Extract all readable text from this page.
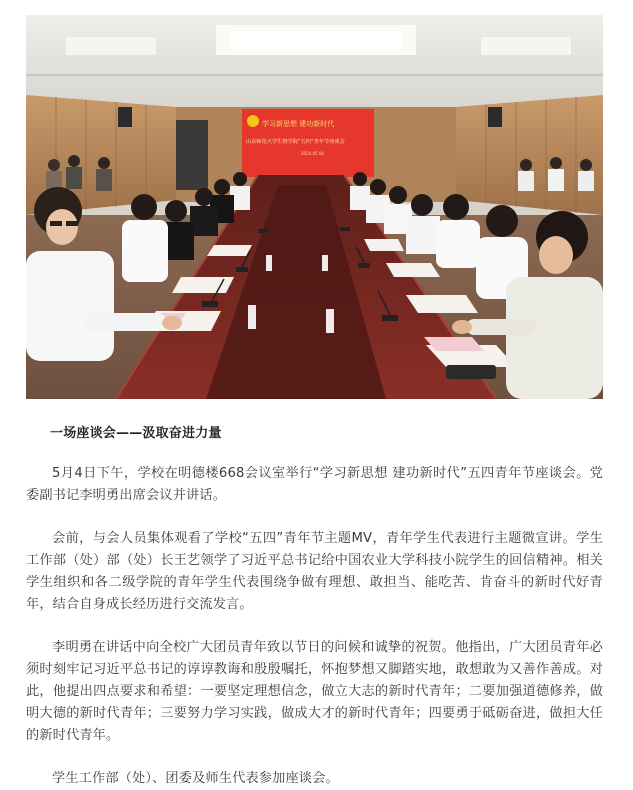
学习新思想 建功新时代
山东师范大学生物学院“五四”青年节座谈会
2024.05.04

一场座谈会——汲取奋进力量

5月4日下午，学校在明德楼668会议室举行“学习新思想 建功新时代”五四青年节座谈会。党委副书记李明勇出席会议并讲话。

会前，与会人员集体观看了学校“五四”青年节主题MV，青年学生代表进行主题微宣讲。学生工作部（处）部（处）长王艺领学了习近平总书记给中国农业大学科技小院学生的回信精神。相关学生组织和各二级学院的青年学生代表围绕争做有理想、敢担当、能吃苦、肯奋斗的新时代好青年，结合自身成长经历进行交流发言。

李明勇在讲话中向全校广大团员青年致以节日的问候和诚挚的祝贺。他指出，广大团员青年必须时刻牢记习近平总书记的谆谆教诲和殷殷嘱托，怀抱梦想又脚踏实地，敢想敢为又善作善成。对此，他提出四点要求和希望：一要坚定理想信念，做立大志的新时代青年；二要加强道德修养，做明大德的新时代青年；三要努力学习实践，做成大才的新时代青年；四要勇于砥砺奋进，做担大任的新时代青年。

学生工作部（处）、团委及师生代表参加座谈会。
